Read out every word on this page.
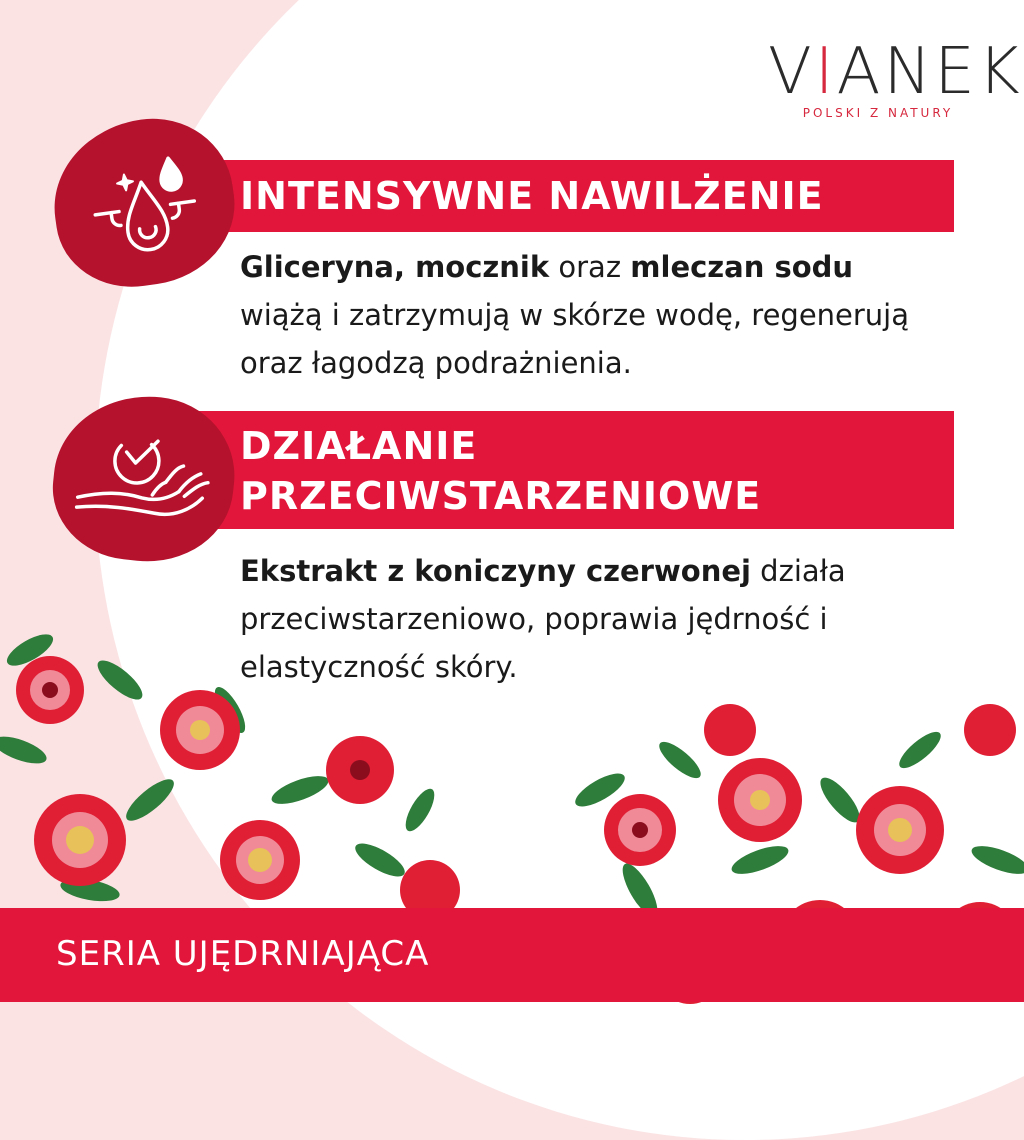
VIANEK
POLSKI Z NATURY
INTENSYWNE NAWILŻENIE
Gliceryna, mocznik oraz mleczan sodu wiążą i zatrzymują w skórze wodę, regenerują oraz łagodzą podrażnienia.
DZIAŁANIE
PRZECIWSTARZENIOWE
Ekstrakt z koniczyny czerwonej działa przeciwstarzeniowo, poprawia jędrność i elastyczność skóry.
SERIA UJĘDRNIAJĄCA
